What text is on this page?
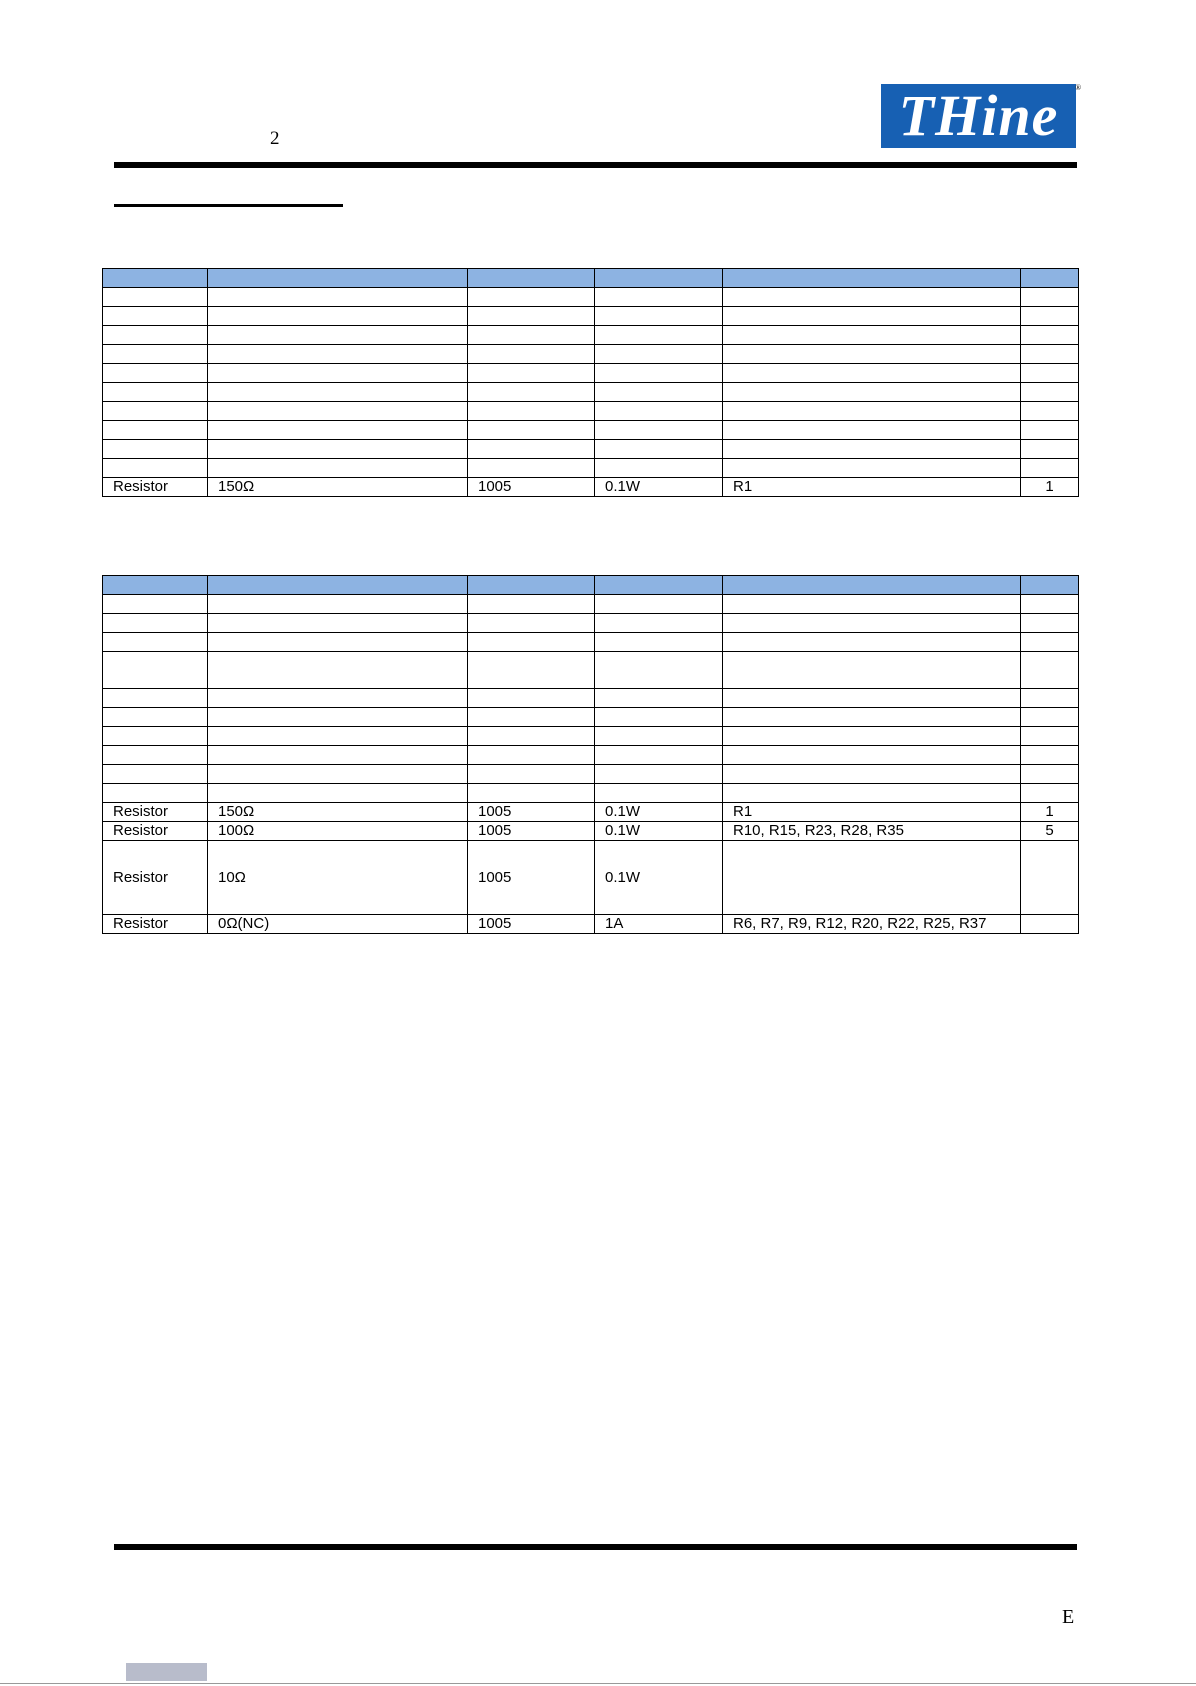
2	THine ®

Resistor	150Ω	1005	0.1W	R1	1

Resistor	150Ω	1005	0.1W	R1	1
Resistor	100Ω	1005	0.1W	R10, R15, R23, R28, R35	5
Resistor	10Ω	1005	0.1W		
Resistor	0Ω(NC)	1005	1A	R6, R7, R9, R12, R20, R22, R25, R37	
E
